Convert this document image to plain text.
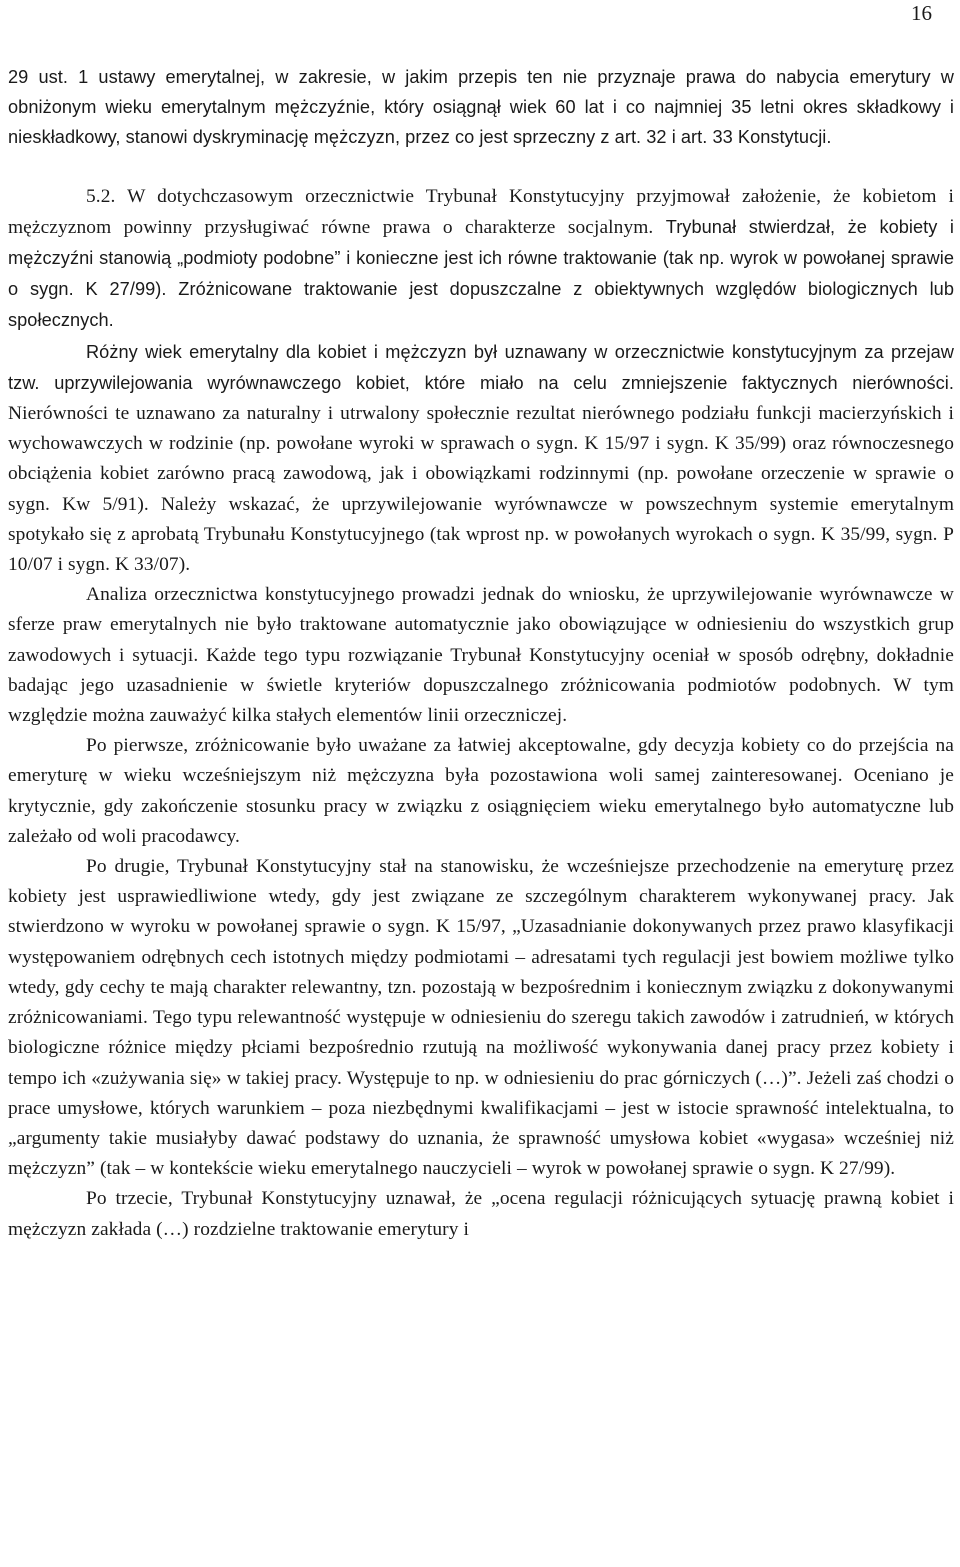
16

29 ust. 1 ustawy emerytalnej, w zakresie, w jakim przepis ten nie przyznaje prawa do nabycia emerytury w obniżonym wieku emerytalnym mężczyźnie, który osiągnął wiek 60 lat i co najmniej 35 letni okres składkowy i nieskładkowy, stanowi dyskryminację mężczyzn, przez co jest sprzeczny z art. 32 i art. 33 Konstytucji.

5.2. W dotychczasowym orzecznictwie Trybunał Konstytucyjny przyjmował założenie, że kobietom i mężczyznom powinny przysługiwać równe prawa o charakterze socjalnym. Trybunał stwierdzał, że kobiety i mężczyźni stanowią „podmioty podobne” i konieczne jest ich równe traktowanie (tak np. wyrok w powołanej sprawie o sygn. K 27/99). Zróżnicowane traktowanie jest dopuszczalne z obiektywnych względów biologicznych lub społecznych.

Różny wiek emerytalny dla kobiet i mężczyzn był uznawany w orzecznictwie konstytucyjnym za przejaw tzw. uprzywilejowania wyrównawczego kobiet, które miało na celu zmniejszenie faktycznych nierówności. Nierówności te uznawano za naturalny i utrwalony społecznie rezultat nierównego podziału funkcji macierzyńskich i wychowawczych w rodzinie (np. powołane wyroki w sprawach o sygn. K 15/97 i sygn. K 35/99) oraz równoczesnego obciążenia kobiet zarówno pracą zawodową, jak i obowiązkami rodzinnymi (np. powołane orzeczenie w sprawie o sygn. Kw 5/91). Należy wskazać, że uprzywilejowanie wyrównawcze w powszechnym systemie emerytalnym spotykało się z aprobatą Trybunału Konstytucyjnego (tak wprost np. w powołanych wyrokach o sygn. K 35/99, sygn. P 10/07 i sygn. K 33/07).

Analiza orzecznictwa konstytucyjnego prowadzi jednak do wniosku, że uprzywilejowanie wyrównawcze w sferze praw emerytalnych nie było traktowane automatycznie jako obowiązujące w odniesieniu do wszystkich grup zawodowych i sytuacji. Każde tego typu rozwiązanie Trybunał Konstytucyjny oceniał w sposób odrębny, dokładnie badając jego uzasadnienie w świetle kryteriów dopuszczalnego zróżnicowania podmiotów podobnych. W tym względzie można zauważyć kilka stałych elementów linii orzeczniczej.

Po pierwsze, zróżnicowanie było uważane za łatwiej akceptowalne, gdy decyzja kobiety co do przejścia na emeryturę w wieku wcześniejszym niż mężczyzna była pozostawiona woli samej zainteresowanej. Oceniano je krytycznie, gdy zakończenie stosunku pracy w związku z osiągnięciem wieku emerytalnego było automatyczne lub zależało od woli pracodawcy.

Po drugie, Trybunał Konstytucyjny stał na stanowisku, że wcześniejsze przechodzenie na emeryturę przez kobiety jest usprawiedliwione wtedy, gdy jest związane ze szczególnym charakterem wykonywanej pracy. Jak stwierdzono w wyroku w powołanej sprawie o sygn. K 15/97, „Uzasadnianie dokonywanych przez prawo klasyfikacji występowaniem odrębnych cech istotnych między podmiotami – adresatami tych regulacji jest bowiem możliwe tylko wtedy, gdy cechy te mają charakter relewantny, tzn. pozostają w bezpośrednim i koniecznym związku z dokonywanymi zróżnicowaniami. Tego typu relewantność występuje w odniesieniu do szeregu takich zawodów i zatrudnień, w których biologiczne różnice między płciami bezpośrednio rzutują na możliwość wykonywania danej pracy przez kobiety i tempo ich «zużywania się» w takiej pracy. Występuje to np. w odniesieniu do prac górniczych (…)”. Jeżeli zaś chodzi o prace umysłowe, których warunkiem – poza niezbędnymi kwalifikacjami – jest w istocie sprawność intelektualna, to „argumenty takie musiałyby dawać podstawy do uznania, że sprawność umysłowa kobiet «wygasa» wcześniej niż mężczyzn” (tak – w kontekście wieku emerytalnego nauczycieli – wyrok w powołanej sprawie o sygn. K 27/99).

Po trzecie, Trybunał Konstytucyjny uznawał, że „ocena regulacji różnicujących sytuację prawną kobiet i mężczyzn zakłada (…) rozdzielne traktowanie emerytury i
